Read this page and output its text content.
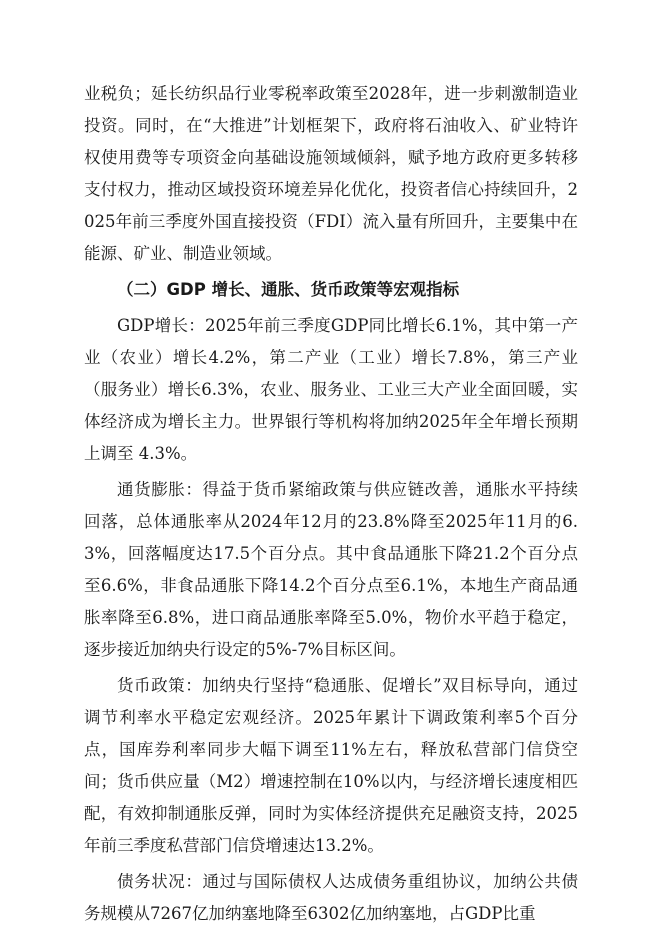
业税负；延长纺织品行业零税率政策至2028年，进一步刺激制造业投资。同时，在“大推进”计划框架下，政府将石油收入、矿业特许权使用费等专项资金向基础设施领域倾斜，赋予地方政府更多转移支付权力，推动区域投资环境差异化优化，投资者信心持续回升，2025年前三季度外国直接投资（FDI）流入量有所回升，主要集中在能源、矿业、制造业领域。

（二）GDP 增长、通胀、货币政策等宏观指标

GDP增长：2025年前三季度GDP同比增长6.1%，其中第一产业（农业）增长4.2%，第二产业（工业）增长7.8%，第三产业（服务业）增长6.3%，农业、服务业、工业三大产业全面回暖，实体经济成为增长主力。世界银行等机构将加纳2025年全年增长预期上调至 4.3%。

通货膨胀：得益于货币紧缩政策与供应链改善，通胀水平持续回落，总体通胀率从2024年12月的23.8%降至2025年11月的6.3%，回落幅度达17.5个百分点。其中食品通胀下降21.2个百分点至6.6%，非食品通胀下降14.2个百分点至6.1%，本地生产商品通胀率降至6.8%，进口商品通胀率降至5.0%，物价水平趋于稳定，逐步接近加纳央行设定的5%-7%目标区间。

货币政策：加纳央行坚持“稳通胀、促增长”双目标导向，通过调节利率水平稳定宏观经济。2025年累计下调政策利率5个百分点，国库券利率同步大幅下调至11%左右，释放私营部门信贷空间；货币供应量（M2）增速控制在10%以内，与经济增长速度相匹配，有效抑制通胀反弹，同时为实体经济提供充足融资支持，2025年前三季度私营部门信贷增速达13.2%。

债务状况：通过与国际债权人达成债务重组协议，加纳公共债务规模从7267亿加纳塞地降至6302亿加纳塞地，占GDP比重
